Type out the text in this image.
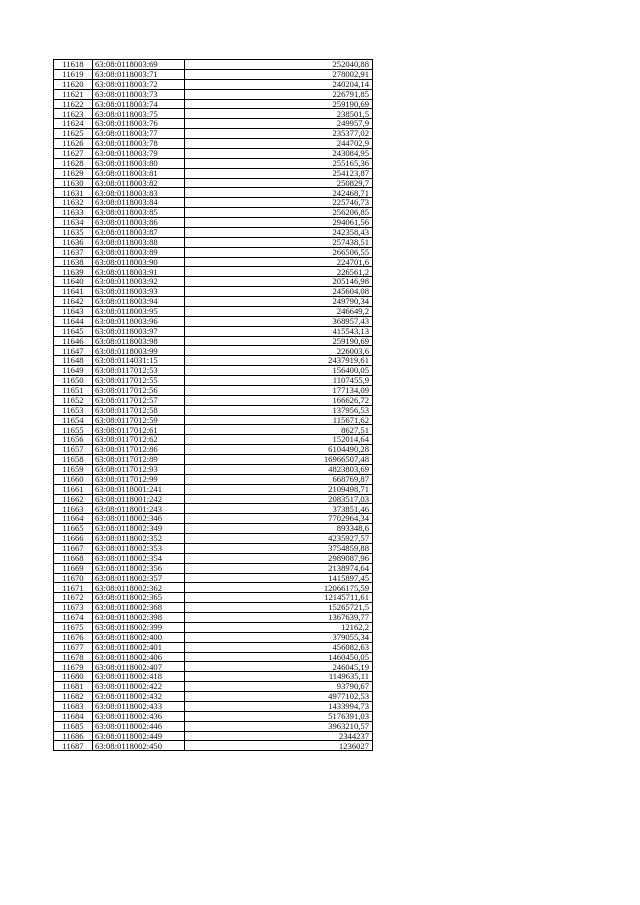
11618	63:08:0118003:69	252040,88
11619	63:08:0118003:71	278002,91
11620	63:08:0118003:72	240204,14
11621	63:08:0118003:73	226791,85
11622	63:08:0118003:74	259190,69
11623	63:08:0118003:75	238501,5
11624	63:08:0118003:76	249957,9
11625	63:08:0118003:77	235377,02
11626	63:08:0118003:78	244702,9
11627	63:08:0118003:79	243084,95
11628	63:08:0118003:80	255165,36
11629	63:08:0118003:81	254123,87
11630	63:08:0118003:82	250829,7
11631	63:08:0118003:83	242468,71
11632	63:08:0118003:84	225746,73
11633	63:08:0118003:85	256206,85
11634	63:08:0118003:86	294061,56
11635	63:08:0118003:87	242358,43
11636	63:08:0118003:88	257438,51
11637	63:08:0118003:89	266506,55
11638	63:08:0118003:90	224701,6
11639	63:08:0118003:91	226561,2
11640	63:08:0118003:92	205146,98
11641	63:08:0118003:93	245604,08
11642	63:08:0118003:94	249790,34
11643	63:08:0118003:95	246649,2
11644	63:08:0118003:96	368957,43
11645	63:08:0118003:97	415543,13
11646	63:08:0118003:98	259190,69
11647	63:08:0118003:99	226003,6
11648	63:08:0114031:15	2437919,61
11649	63:08:0117012:53	156400,05
11650	63:08:0117012:55	1107455,9
11651	63:08:0117012:56	177134,09
11652	63:08:0117012:57	166626,72
11653	63:08:0117012:58	137956,53
11654	63:08:0117012:59	115671,62
11655	63:08:0117012:61	8627,51
11656	63:08:0117012:62	152014,64
11657	63:08:0117012:86	6104490,28
11658	63:08:0117012:89	16966507,48
11659	63:08:0117012:93	4823803,69
11660	63:08:0117012:99	668769,87
11661	63:08:0118001:241	2109498,71
11662	63:08:0118001:242	2083517,03
11663	63:08:0118001:243	373851,46
11664	63:08:0118002:346	7702964,34
11665	63:08:0118002:349	893348,6
11666	63:08:0118002:352	4235927,57
11667	63:08:0118002:353	3754859,88
11668	63:08:0118002:354	2989087,96
11669	63:08:0118002:356	2138974,64
11670	63:08:0118002:357	1415897,45
11671	63:08:0118002:362	12066175,59
11672	63:08:0118002:365	12145711,61
11673	63:08:0118002:368	15265721,5
11674	63:08:0118002:398	1367639,77
11675	63:08:0118002:399	12162,2
11676	63:08:0118002:400	379055,34
11677	63:08:0118002:401	456082,63
11678	63:08:0118002:406	1460450,05
11679	63:08:0118002:407	246045,19
11680	63:08:0118002:418	1149635,11
11681	63:08:0118002:422	93790,67
11682	63:08:0118002:432	4977102,53
11683	63:08:0118002:433	1433994,73
11684	63:08:0118002:436	5176391,03
11685	63:08:0118002:446	3963210,57
11686	63:08:0118002:449	2344237
11687	63:08:0118002:450	1236027
